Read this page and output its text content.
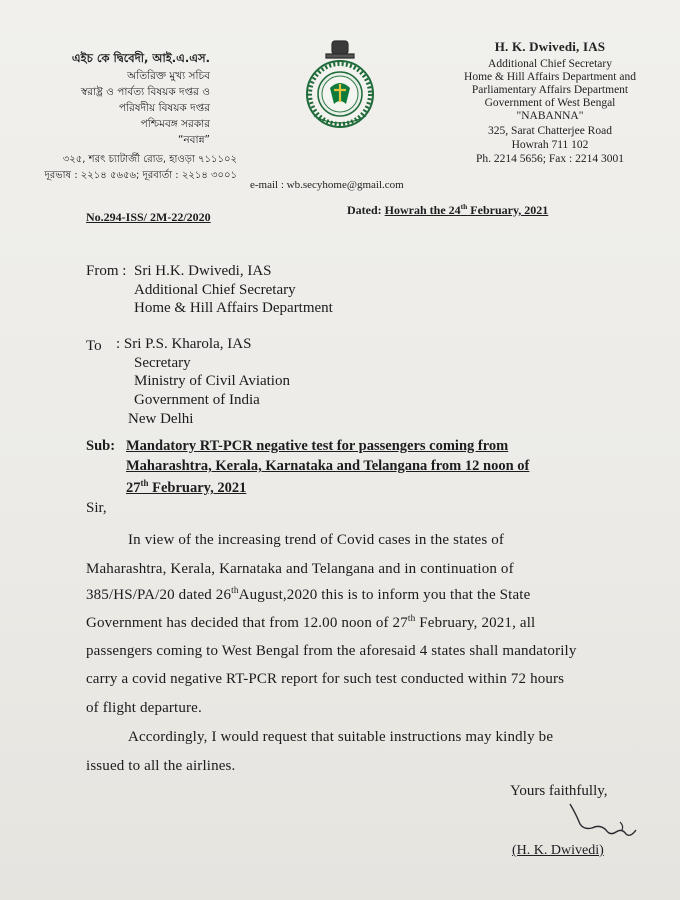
এইচ কে দ্বিবেদী, আই.এ.এস.
অতিরিক্ত মুখ্য সচিব
স্বরাষ্ট্র ও পার্বত্য বিষয়ক দপ্তর ও
পরিষদীয় বিষয়ক দপ্তর
পশ্চিমবঙ্গ সরকার
“নবান্ন”
৩২৫, শরৎ চ্যাটার্জী রোড, হাওড়া ৭১১১০২
দূরভাষ : ২২১৪ ৫৬৫৬; দূরবার্তা : ২২১৪ ৩০০১
H. K. Dwivedi, IAS
Additional Chief Secretary
Home & Hill Affairs Department and
Parliamentary Affairs Department
Government of West Bengal
"NABANNA"
325, Sarat Chatterjee Road
Howrah 711 102
Ph. 2214 5656; Fax : 2214 3001
e-mail : wb.secyhome@gmail.com
No.294-ISS/ 2M-22/2020	Dated: Howrah the 24th February, 2021
From : Sri H.K. Dwivedi, IAS
Additional Chief Secretary
Home & Hill Affairs Department
To : Sri P.S. Kharola, IAS
Secretary
Ministry of Civil Aviation
Government of India
New Delhi
Sub: Mandatory RT-PCR negative test for passengers coming from
Maharashtra, Kerala, Karnataka and Telangana from 12 noon of
27th February, 2021
Sir,
In view of the increasing trend of Covid cases in the states of
Maharashtra, Kerala, Karnataka and Telangana and in continuation of
385/HS/PA/20 dated 26thAugust,2020 this is to inform you that the State
Government has decided that from 12.00 noon of 27th February, 2021, all
passengers coming to West Bengal from the aforesaid 4 states shall mandatorily
carry a covid negative RT-PCR report for such test conducted within 72 hours
of flight departure.
Accordingly, I would request that suitable instructions may kindly be
issued to all the airlines.
Yours faithfully,
(H. K. Dwivedi)
